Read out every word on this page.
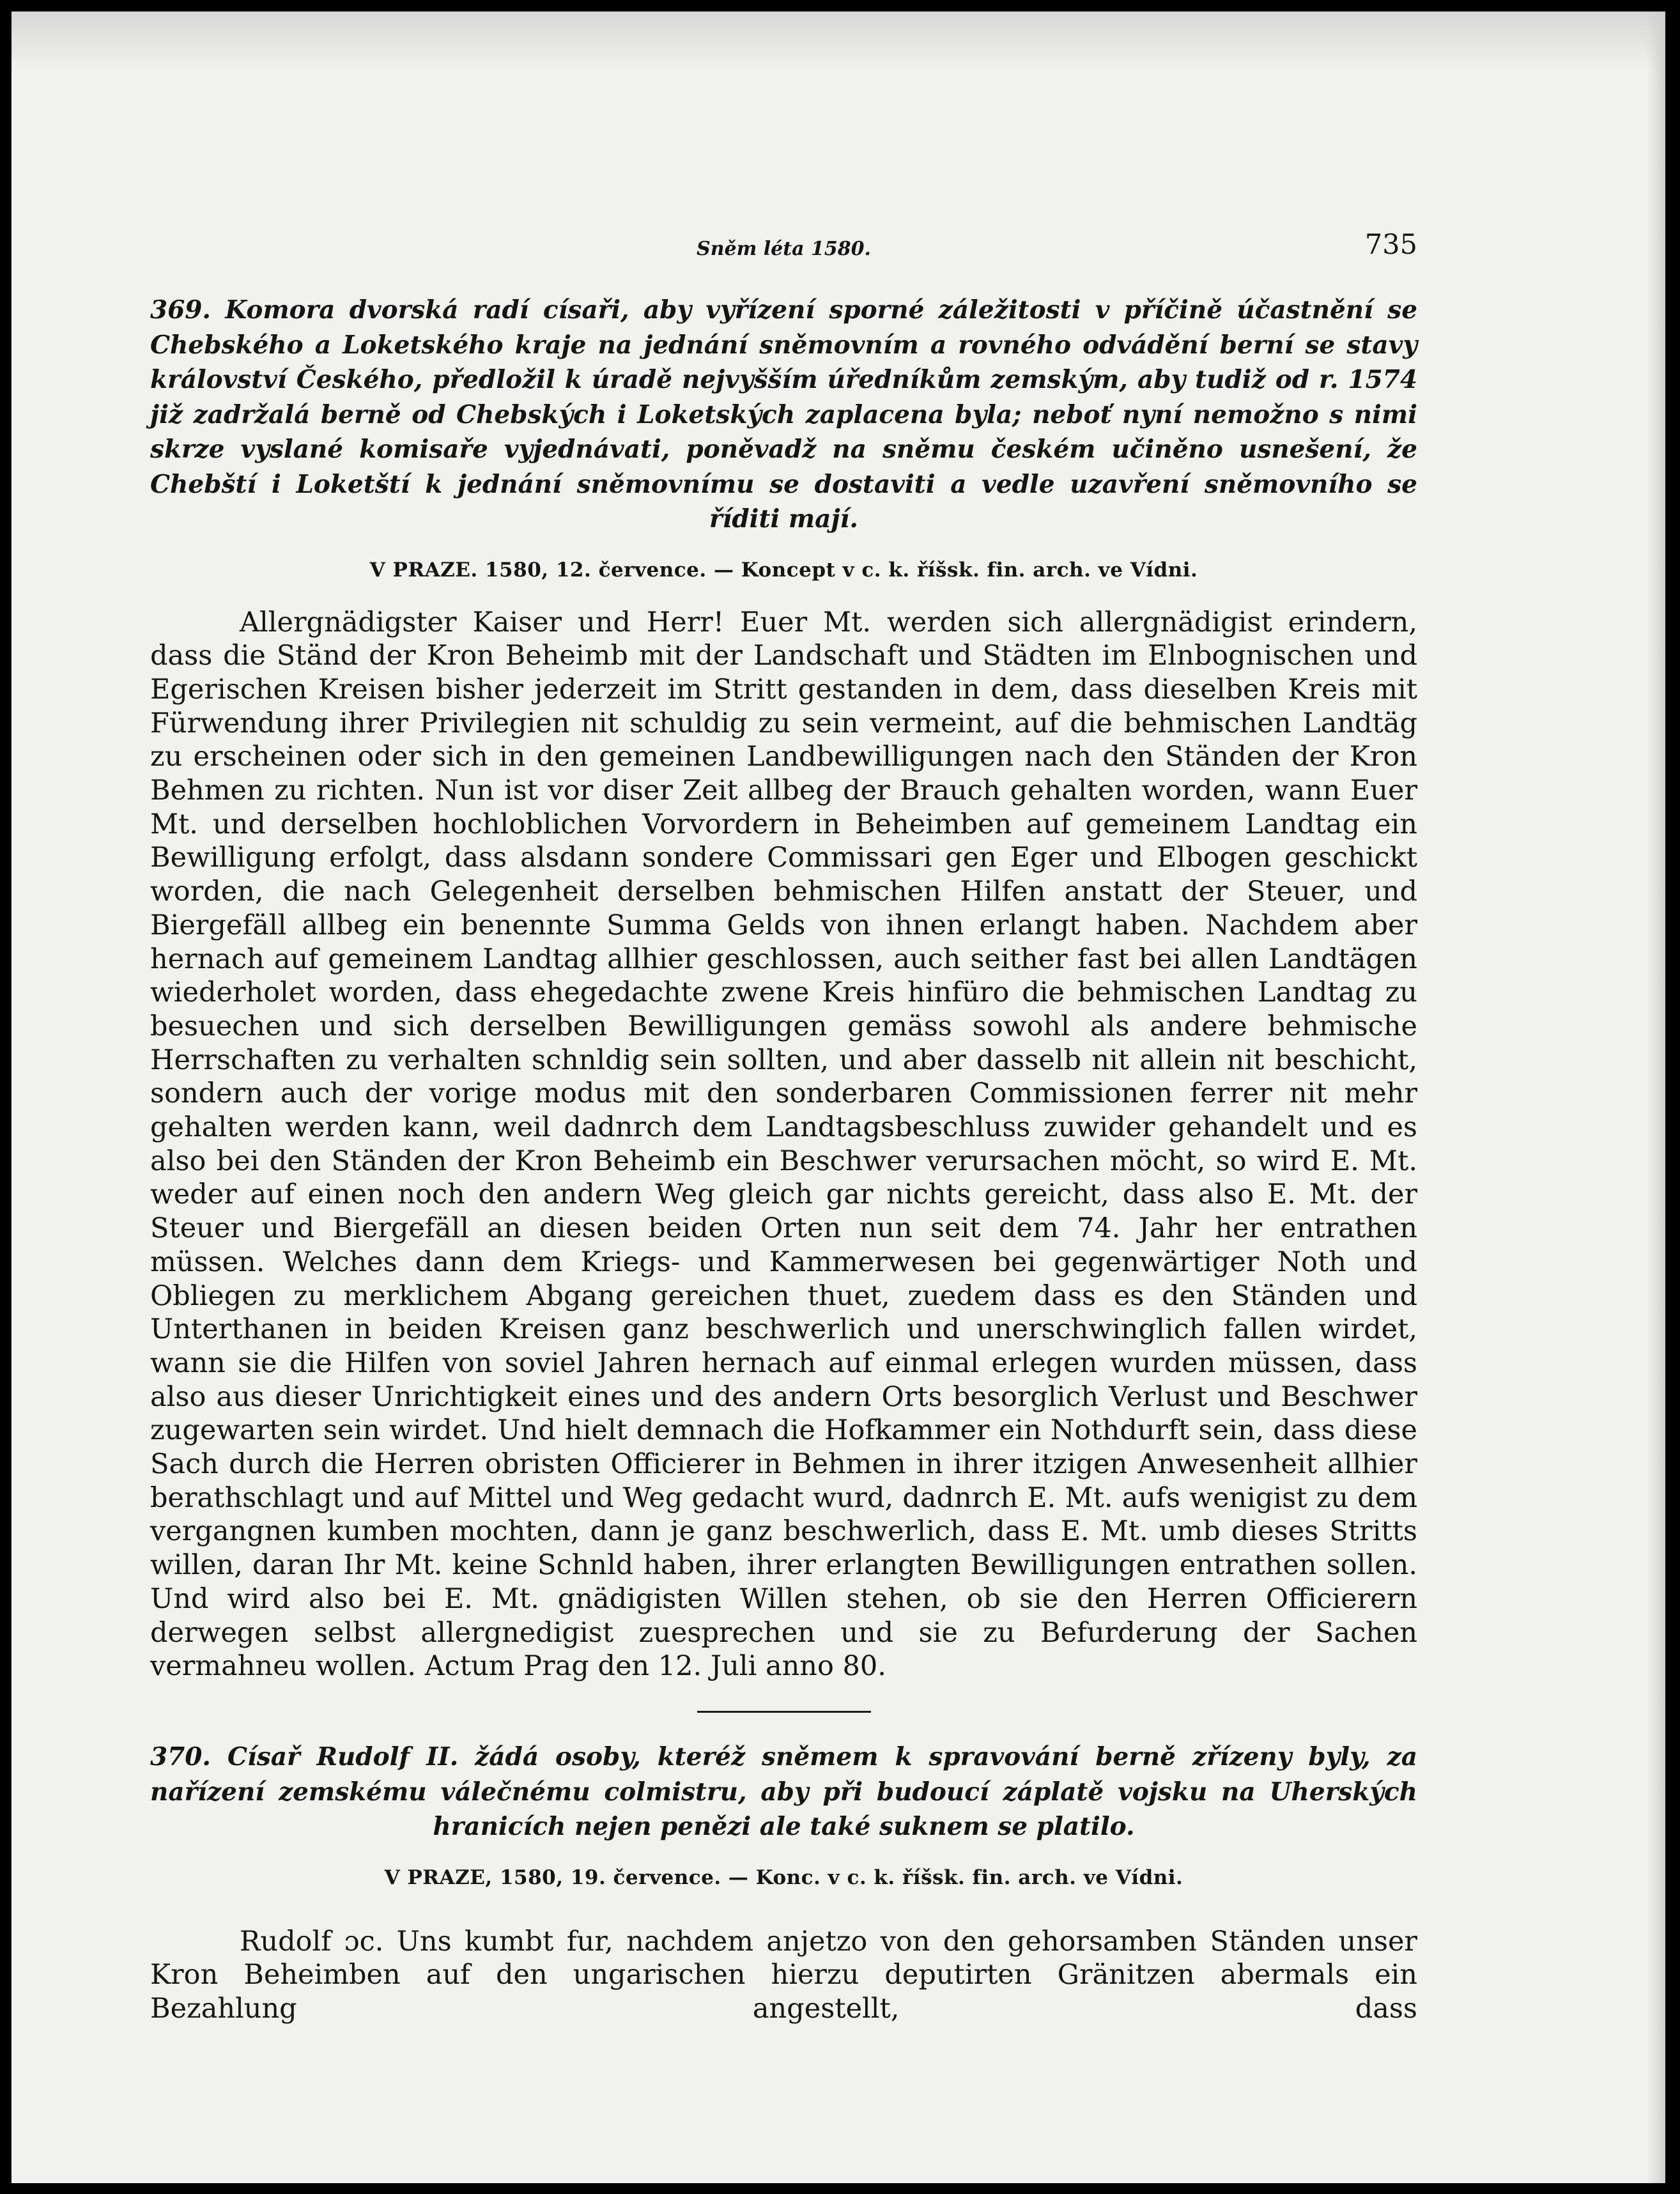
Sněm léta 1580.	735
369. Komora dvorská radí císaři, aby vyřízení sporné záležitosti v příčině účastnění se Chebského a Loketského kraje na jednání sněmovním a rovného odvádění berní se stavy království Českého, předložil k úradě nejvyšším úředníkům zemským, aby tudiž od r. 1574 již zadržalá berně od Chebských i Loketských zaplacena byla; neboť nyní nemožno s nimi skrze vyslané komisaře vyjednávati, poněvadž na sněmu českém učiněno usnešení, že Chebští i Loketští k jednání sněmovnímu se dostaviti a vedle uzavření sněmovního se říditi mají.
V PRAZE. 1580, 12. července. — Koncept v c. k. říšsk. fin. arch. ve Vídni.

Allergnädigster Kaiser und Herr! Euer Mt. werden sich allergnädigist erindern, dass die Ständ der Kron Beheimb mit der Landschaft und Städten im Elnbognischen und Egerischen Kreisen bisher jederzeit im Stritt gestanden in dem, dass dieselben Kreis mit Fürwendung ihrer Privilegien nit schuldig zu sein vermeint, auf die behmischen Landtäg zu erscheinen oder sich in den gemeinen Landbewilligungen nach den Ständen der Kron Behmen zu richten. Nun ist vor diser Zeit allbeg der Brauch gehalten worden, wann Euer Mt. und derselben hochloblichen Vorvordern in Beheimben auf gemeinem Landtag ein Bewilligung erfolgt, dass alsdann sondere Commissari gen Eger und Elbogen geschickt worden, die nach Gelegenheit derselben behmischen Hilfen anstatt der Steuer, und Biergefäll allbeg ein benennte Summa Gelds von ihnen erlangt haben. Nachdem aber hernach auf gemeinem Landtag allhier geschlossen, auch seither fast bei allen Landtägen wiederholet worden, dass ehegedachte zwene Kreis hinfüro die behmischen Landtag zu besuechen und sich derselben Bewilligungen gemäss sowohl als andere behmische Herrschaften zu verhalten schnldig sein sollten, und aber dasselb nit allein nit beschicht, sondern auch der vorige modus mit den sonderbaren Commissionen ferrer nit mehr gehalten werden kann, weil dadnrch dem Landtagsbeschluss zuwider gehandelt und es also bei den Ständen der Kron Beheimb ein Beschwer verursachen möcht, so wird E. Mt. weder auf einen noch den andern Weg gleich gar nichts gereicht, dass also E. Mt. der Steuer und Biergefäll an diesen beiden Orten nun seit dem 74. Jahr her entrathen müssen. Welches dann dem Kriegs- und Kammerwesen bei gegenwärtiger Noth und Obliegen zu merklichem Abgang gereichen thuet, zuedem dass es den Ständen und Unterthanen in beiden Kreisen ganz beschwerlich und unerschwinglich fallen wirdet, wann sie die Hilfen von soviel Jahren hernach auf einmal erlegen wurden müssen, dass also aus dieser Unrichtigkeit eines und des andern Orts besorglich Verlust und Beschwer zugewarten sein wirdet. Und hielt demnach die Hofkammer ein Nothdurft sein, dass diese Sach durch die Herren obristen Officierer in Behmen in ihrer itzigen Anwesenheit allhier berathschlagt und auf Mittel und Weg gedacht wurd, dadnrch E. Mt. aufs wenigist zu dem vergangnen kumben mochten, dann je ganz beschwerlich, dass E. Mt. umb dieses Stritts willen, daran Ihr Mt. keine Schnld haben, ihrer erlangten Bewilligungen entrathen sollen. Und wird also bei E. Mt. gnädigisten Willen stehen, ob sie den Herren Officierern derwegen selbst allergnedigist zuesprechen und sie zu Befurderung der Sachen vermahneu wollen. Actum Prag den 12. Juli anno 80.

370. Císař Rudolf II. žádá osoby, kteréž sněmem k spravování berně zřízeny byly, za nařízení zemskému válečnému colmistru, aby při budoucí záplatě vojsku na Uherských hranicích nejen penězi ale také suknem se platilo.
V PRAZE, 1580, 19. července. — Konc. v c. k. říšsk. fin. arch. ve Vídni.

Rudolf ɔc. Uns kumbt fur, nachdem anjetzo von den gehorsamben Ständen unser Kron Beheimben auf den ungarischen hierzu deputirten Gränitzen abermals ein Bezahlung angestellt, dass
